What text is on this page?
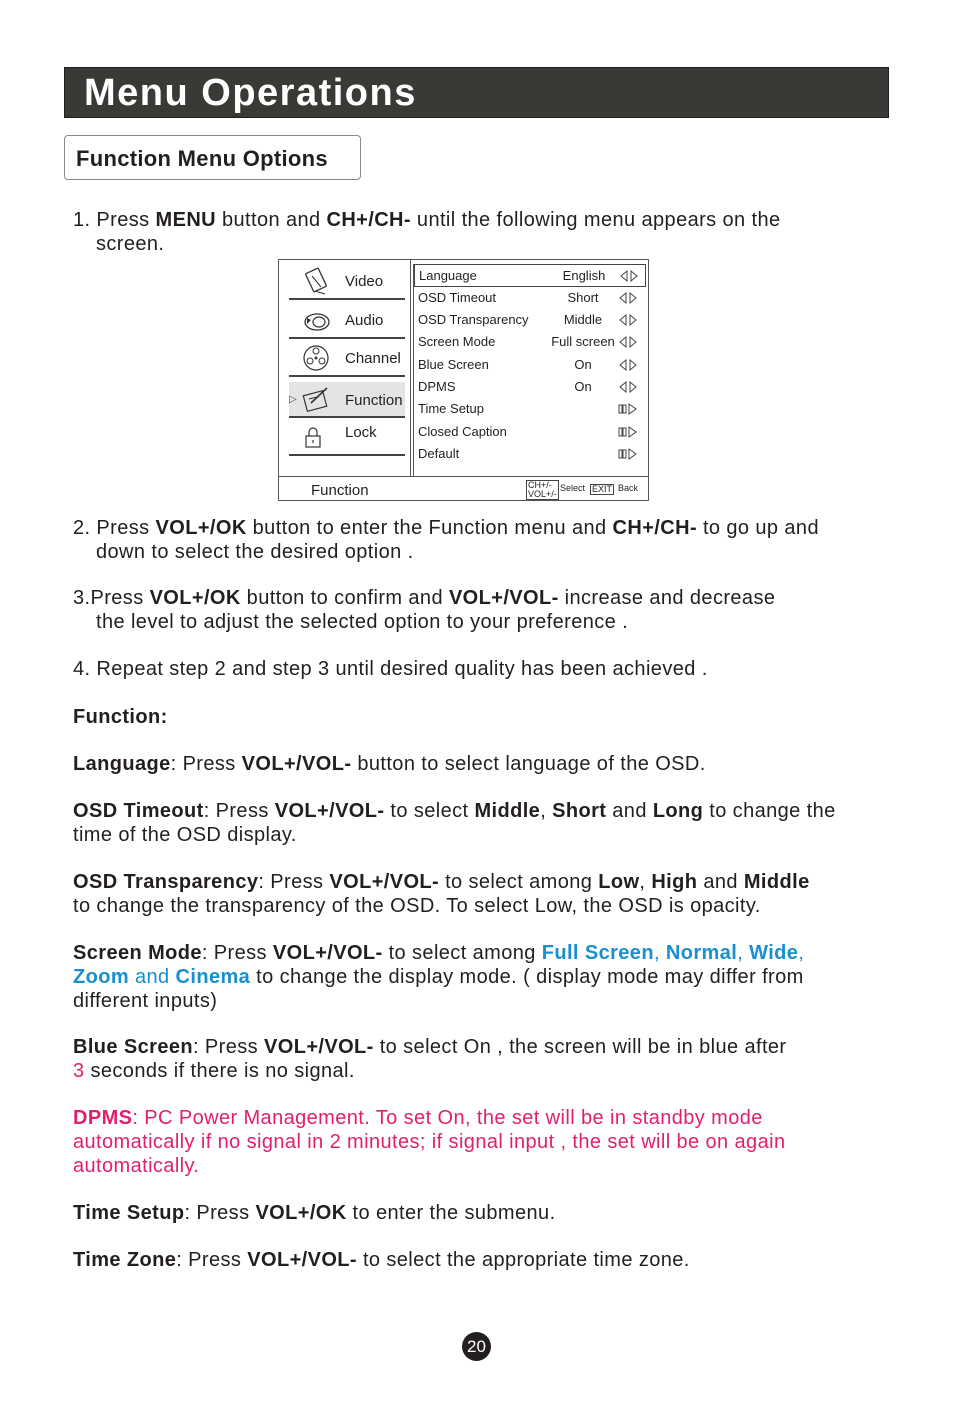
Menu Operations
Function Menu Options
1. Press MENU button and CH+/CH- until the following menu appears on the
screen.
Video
Audio
Channel
▷	Function
Lock
Language	English
OSD Timeout	Short
OSD Transparency	Middle
Screen Mode	Full screen
Blue Screen	On
DPMS	On
Time Setup
Closed Caption
Default
Function	CH+/-
VOL+/-
Select EXIT Back
2. Press VOL+/OK button to enter the Function menu and CH+/CH- to go up and
down to select the desired option .
3.Press VOL+/OK button to confirm and VOL+/VOL- increase and decrease
the level to adjust the selected option to your preference .
4. Repeat step 2 and step 3 until desired quality has been achieved .
Function:
Language: Press VOL+/VOL- button to select language of the OSD.
OSD Timeout: Press VOL+/VOL- to select Middle, Short and Long to change the
time of the OSD display.
OSD Transparency: Press VOL+/VOL- to select among Low, High and Middle
to change the transparency of the OSD. To select Low, the OSD is opacity.
Screen Mode: Press VOL+/VOL- to select among Full Screen, Normal, Wide,
Zoom and Cinema to change the display mode. ( display mode may differ from
different inputs)
Blue Screen: Press VOL+/VOL- to select On , the screen will be in blue after
3 seconds if there is no signal.
DPMS: PC Power Management. To set On, the set will be in standby mode
automatically if no signal in 2 minutes; if signal input , the set will be on again
automatically.
Time Setup: Press VOL+/OK to enter the submenu.
Time Zone: Press VOL+/VOL- to select the appropriate time zone.
20
